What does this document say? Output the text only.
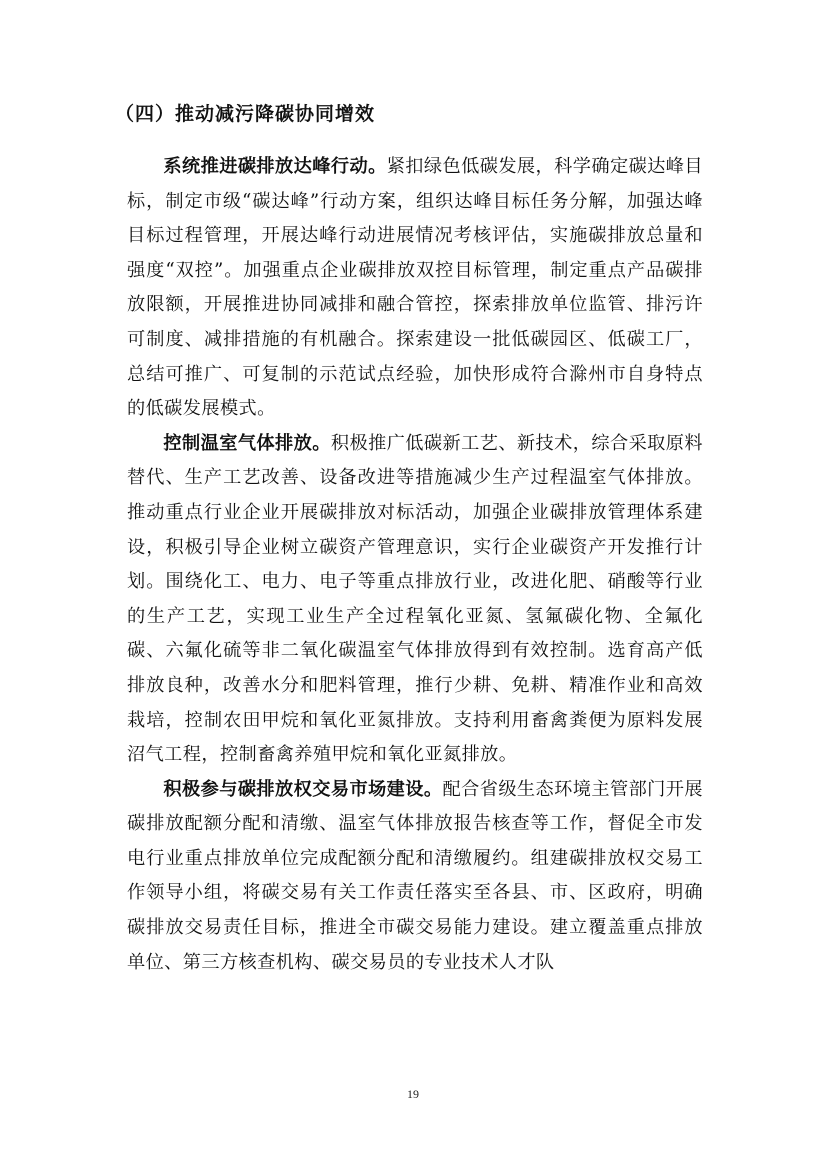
（四）推动减污降碳协同增效

系统推进碳排放达峰行动。紧扣绿色低碳发展，科学确定碳达峰目标，制定市级“碳达峰”行动方案，组织达峰目标任务分解，加强达峰目标过程管理，开展达峰行动进展情况考核评估，实施碳排放总量和强度“双控”。加强重点企业碳排放双控目标管理，制定重点产品碳排放限额，开展推进协同减排和融合管控，探索排放单位监管、排污许可制度、减排措施的有机融合。探索建设一批低碳园区、低碳工厂，总结可推广、可复制的示范试点经验，加快形成符合滁州市自身特点的低碳发展模式。

控制温室气体排放。积极推广低碳新工艺、新技术，综合采取原料替代、生产工艺改善、设备改进等措施减少生产过程温室气体排放。推动重点行业企业开展碳排放对标活动，加强企业碳排放管理体系建设，积极引导企业树立碳资产管理意识，实行企业碳资产开发推行计划。围绕化工、电力、电子等重点排放行业，改进化肥、硝酸等行业的生产工艺，实现工业生产全过程氧化亚氮、氢氟碳化物、全氟化碳、六氟化硫等非二氧化碳温室气体排放得到有效控制。选育高产低排放良种，改善水分和肥料管理，推行少耕、免耕、精准作业和高效栽培，控制农田甲烷和氧化亚氮排放。支持利用畜禽粪便为原料发展沼气工程，控制畜禽养殖甲烷和氧化亚氮排放。

积极参与碳排放权交易市场建设。配合省级生态环境主管部门开展碳排放配额分配和清缴、温室气体排放报告核查等工作，督促全市发电行业重点排放单位完成配额分配和清缴履约。组建碳排放权交易工作领导小组，将碳交易有关工作责任落实至各县、市、区政府，明确碳排放交易责任目标，推进全市碳交易能力建设。建立覆盖重点排放单位、第三方核查机构、碳交易员的专业技术人才队

19
